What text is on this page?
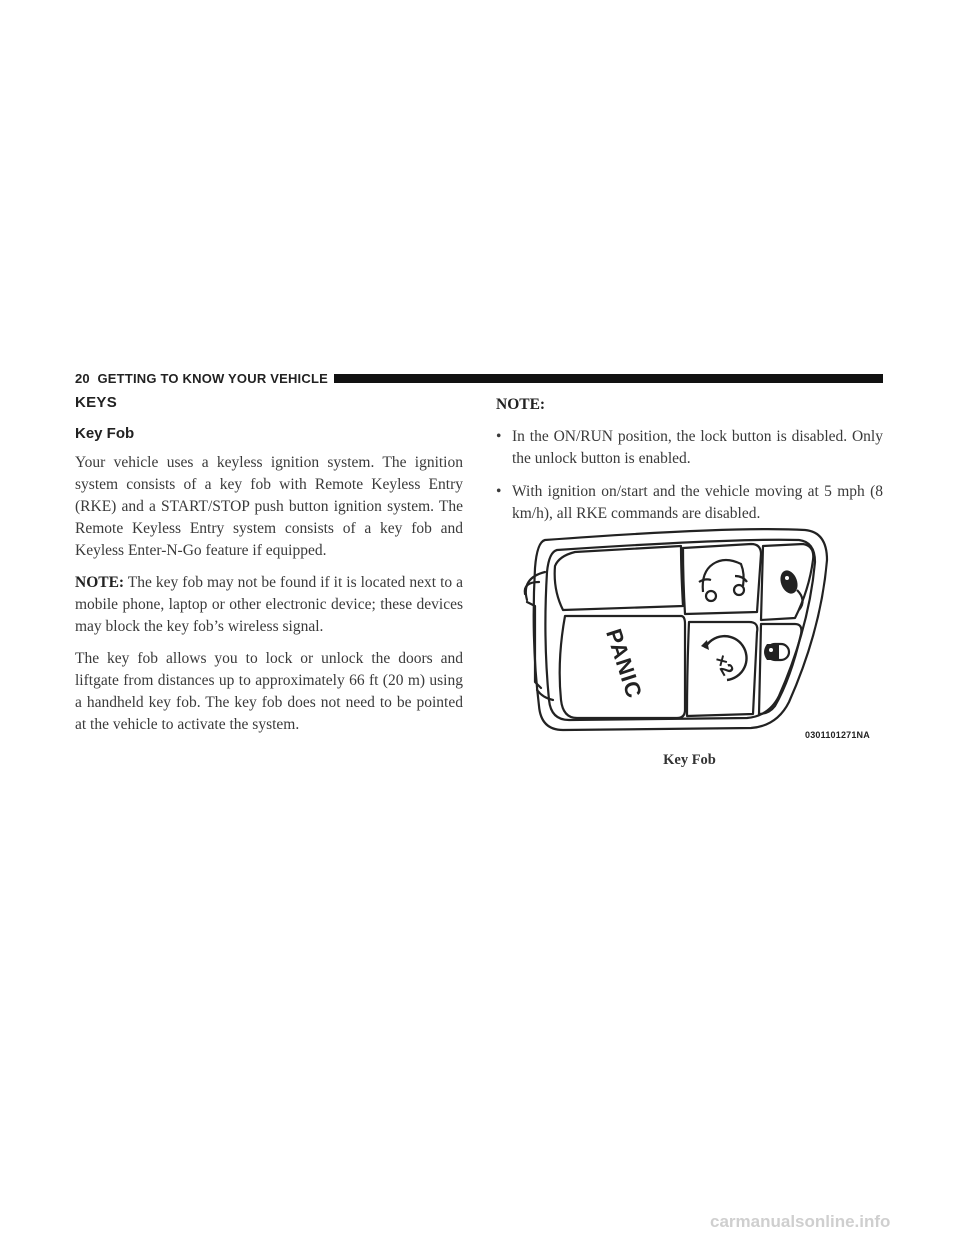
20 GETTING TO KNOW YOUR VEHICLE
KEYS
Key Fob

Your vehicle uses a keyless ignition system. The ignition system consists of a key fob with Remote Keyless Entry (RKE) and a START/STOP push button ignition system. The Remote Keyless Entry system consists of a key fob and Keyless Enter-N-Go feature if equipped.

NOTE: The key fob may not be found if it is located next to a mobile phone, laptop or other electronic device; these devices may block the key fob’s wireless signal.

The key fob allows you to lock or unlock the doors and liftgate from distances up to approximately 66 ft (20 m) using a handheld key fob. The key fob does not need to be pointed at the vehicle to activate the system.

NOTE:
• In the ON/RUN position, the lock button is disabled. Only the unlock button is enabled.
• With ignition on/start and the vehicle moving at 5 mph (8 km/h), all RKE commands are disabled.
×2
PANIC
0301101271NA
Key Fob
carmanualsonline.info
